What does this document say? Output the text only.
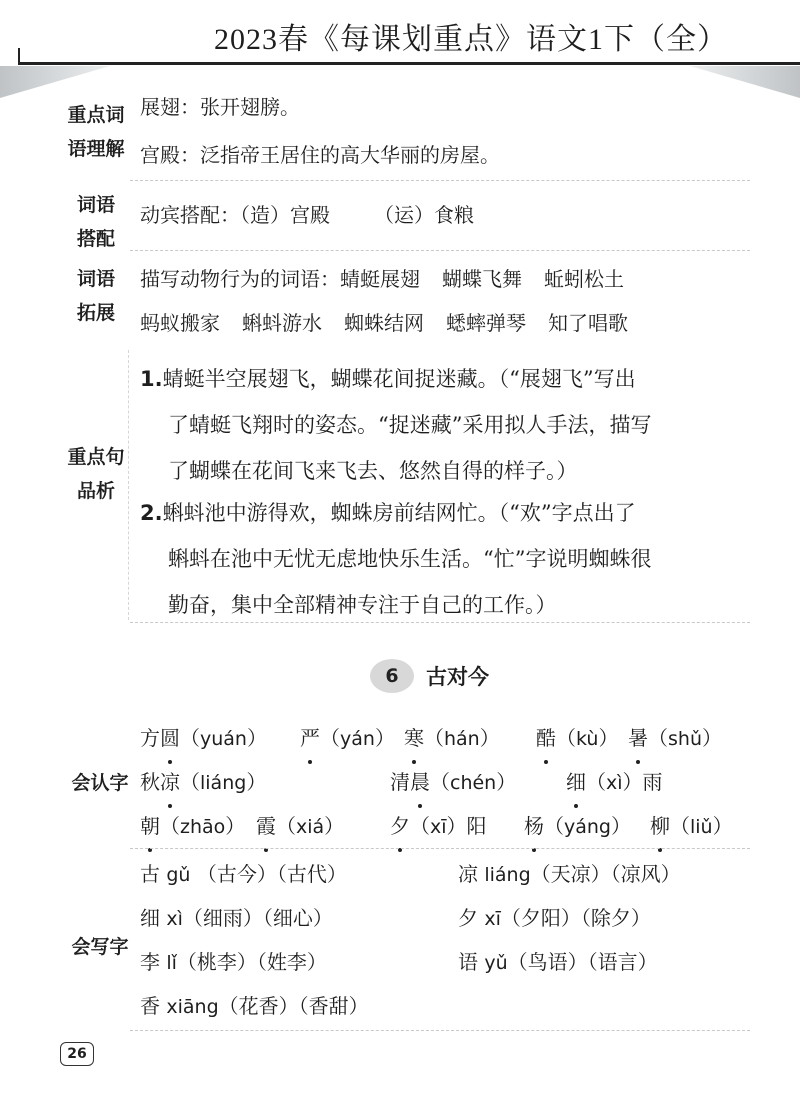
2023春《每课划重点》语文1下（全）
重点词
语理解
展翅：张开翅膀。
宫殿：泛指帝王居住的高大华丽的房屋。
词语
搭配
动宾搭配：（造）宫殿 （运）食粮
词语
拓展
描写动物行为的词语：蜻蜓展翅 蝴蝶飞舞 蚯蚓松土
蚂蚁搬家 蝌蚪游水 蜘蛛结网 蟋蟀弹琴 知了唱歌
重点句
品析
1.蜻蜓半空展翅飞，蝴蝶花间捉迷藏。（“展翅飞”写出
了蜻蜓飞翔时的姿态。“捉迷藏”采用拟人手法，描写
了蝴蝶在花间飞来飞去、悠然自得的样子。）
2.蝌蚪池中游得欢，蜘蛛房前结网忙。（“欢”字点出了
蝌蚪在池中无忧无虑地快乐生活。“忙”字说明蜘蛛很
勤奋，集中全部精神专注于自己的工作。）
6	古对今
会认字
方圆（yuán） 严（yán） 寒（hán） 酷（kù） 暑（shǔ）
秋凉（liáng）	清晨（chén） 细（xì）雨
朝（zhāo） 霞（xiá） 夕（xī）阳 杨（yáng） 柳（liǔ）
会写字
古 gǔ （古今）（古代）	凉 liáng（天凉）（凉风）
细 xì（细雨）（细心）	夕 xī（夕阳）（除夕）
李 lǐ（桃李）（姓李）	语 yǔ（鸟语）（语言）
香 xiāng（花香）（香甜）
26
